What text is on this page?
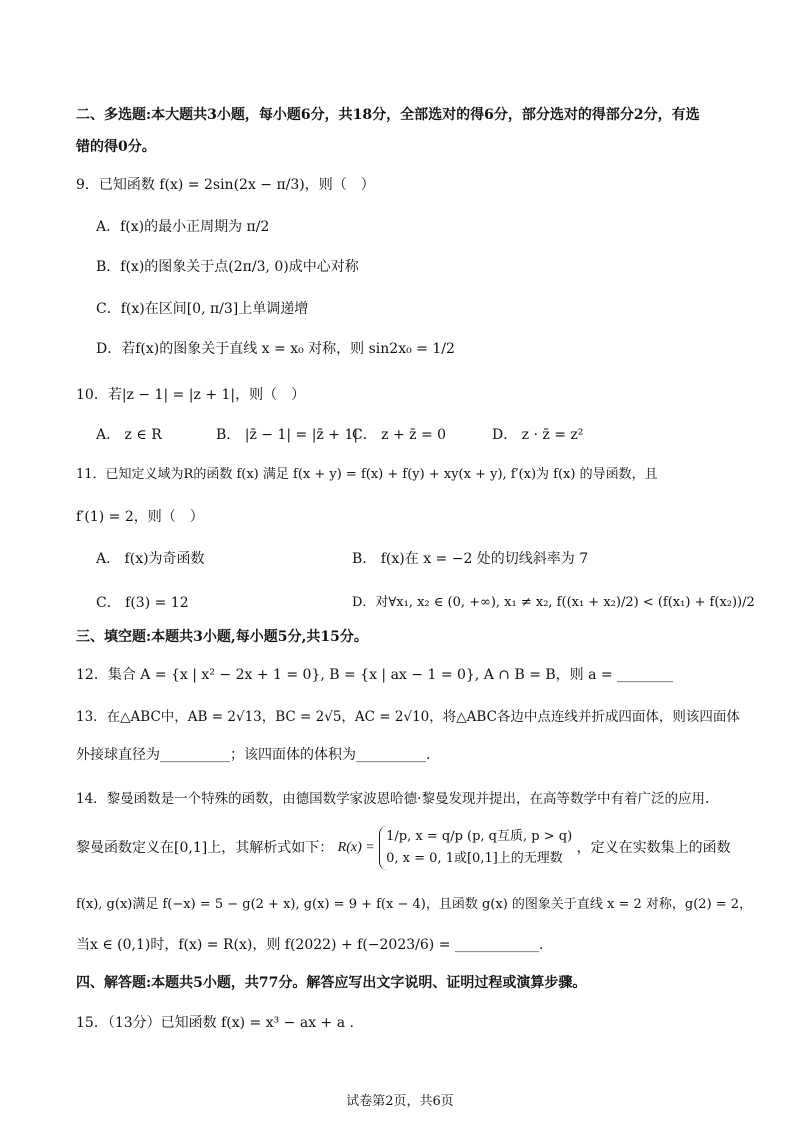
二、多选题:本大题共3小题，每小题6分，共18分，全部选对的得6分，部分选对的得部分2分，有选
错的得0分。
9．已知函数 f(x) = 2sin(2x − π/3)，则（　）
A．f(x)的最小正周期为 π/2
B．f(x)的图象关于点(2π/3, 0)成中心对称
C．f(x)在区间[0, π/3]上单调递增
D．若f(x)的图象关于直线 x = x₀ 对称，则 sin2x₀ = 1/2
10．若|z − 1| = |z + 1|，则（　）
A． z ∈ R	B． |z̄ − 1| = |z̄ + 1|
C． z + z̄ = 0	D． z · z̄ = z²
11．已知定义域为R的函数 f(x) 满足 f(x + y) = f(x) + f(y) + xy(x + y), f′(x)为 f(x) 的导函数，且
f′(1) = 2，则（　）
A． f(x)为奇函数	B． f(x)在 x = −2 处的切线斜率为 7
C． f(3) = 12	D．对∀x₁, x₂ ∈ (0, +∞), x₁ ≠ x₂, f((x₁ + x₂)/2) < (f(x₁) + f(x₂))/2
三、填空题:本题共3小题,每小题5分,共15分。
12．集合 A = {x | x² − 2x + 1 = 0}, B = {x | ax − 1 = 0}, A ∩ B = B，则 a = ________
13．在△ABC中，AB = 2√13，BC = 2√5，AC = 2√10，将△ABC各边中点连线并折成四面体，则该四面体
外接球直径为__________；该四面体的体积为__________.
14．黎曼函数是一个特殊的函数，由德国数学家波恩哈德·黎曼发现并提出，在高等数学中有着广泛的应用.
黎曼函数定义在[0,1]上，其解析式如下： R(x) =
1/p, x = q/p (p, q互质, p > q)
0, x = 0, 1或[0,1]上的无理数
，定义在实数集上的函数
f(x), g(x)满足 f(−x) = 5 − g(2 + x), g(x) = 9 + f(x − 4)，且函数 g(x) 的图象关于直线 x = 2 对称，g(2) = 2，
当x ∈ (0,1)时，f(x) = R(x)，则 f(2022) + f(−2023/6) = ____________.
四、解答题:本题共5小题，共77分。解答应写出文字说明、证明过程或演算步骤。
15．（13分）已知函数 f(x) = x³ − ax + a .
试卷第2页，共6页
